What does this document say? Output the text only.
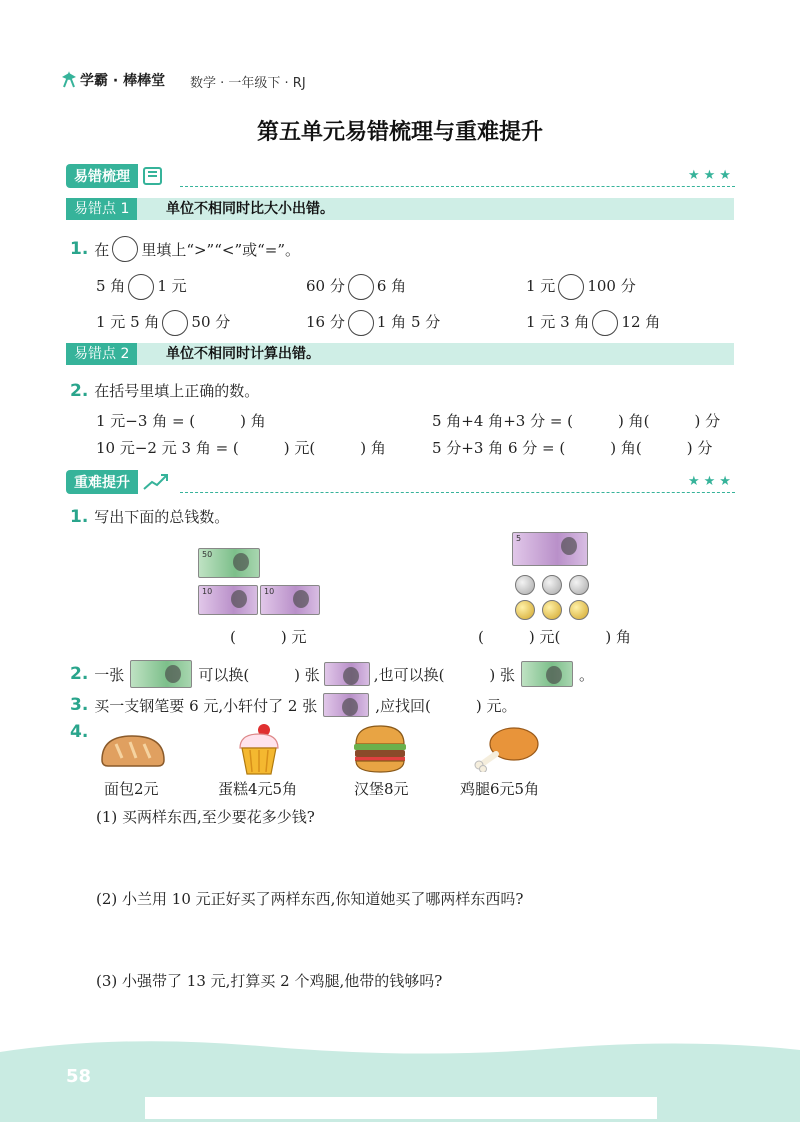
学霸 · 棒棒堂 数学 · 一年级下 · RJ
第五单元易错梳理与重难提升
易错梳理	★★★
易错点 1	单位不相同时比大小出错。
1. 在 里填上“>”“<”或“=”。
5 角 1 元	60 分 6 角	1 元 100 分
1 元 5 角 50 分	16 分 1 角 5 分	1 元 3 角 12 角
易错点 2	单位不相同时计算出错。
2. 在括号里填上正确的数。
1 元−3 角 = (　　　) 角	5 角+4 角+3 分 = (　　　) 角(　　　) 分
10 元−2 元 3 角 = (　　　) 元(　　　) 角	5 分+3 角 6 分 = (　　　) 角(　　　) 分
重难提升	★★★
1. 写出下面的总钱数。
50
10	10
(　　　) 元
5
(　　　) 元(　　　) 角
2. 一张	可以换(　　　) 张	,也可以换(　　　) 张	。
3. 买一支钢笔要 6 元,小轩付了 2 张	,应找回(　　　) 元。
4.
面包2元	蛋糕4元5角	汉堡8元	鸡腿6元5角
(1) 买两样东西,至少要花多少钱?
(2) 小兰用 10 元正好买了两样东西,你知道她买了哪两样东西吗?
(3) 小强带了 13 元,打算买 2 个鸡腿,他带的钱够吗?
58
